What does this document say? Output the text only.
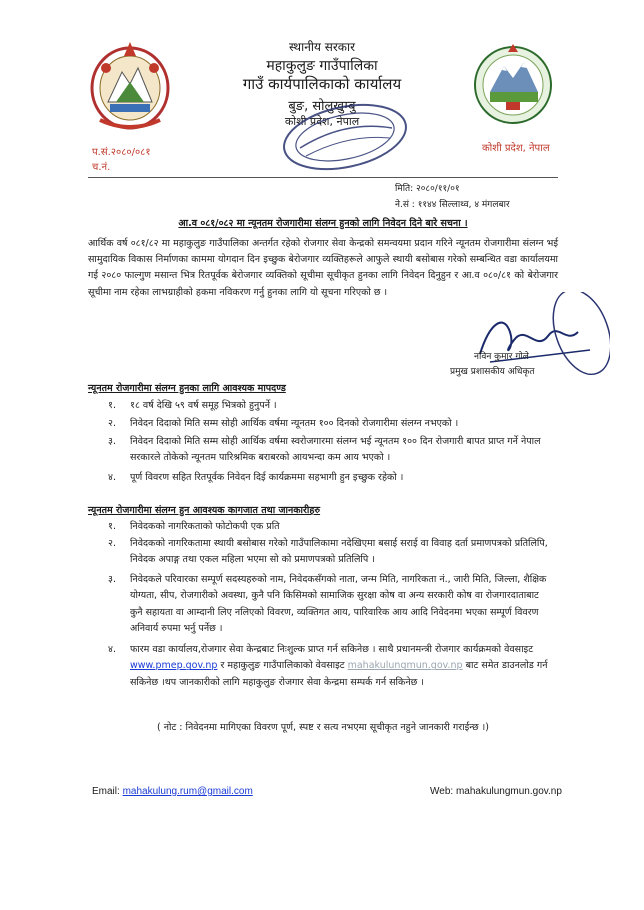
स्थानीय सरकार
महाकुलुङ गाउँपालिका
गाउँ कार्यपालिकाको कार्यालय
बुङ, सोलुखुम्बु
कोशी प्रदेश, नेपाल
प.सं.२०८०/०८१
च.नं.
कोशी प्रदेश, नेपाल
मिति: २०८०/११/०१
ने.सं : ११४४ सिल्लाथ्व, ४ मंगलबार
आ.व ०८१/०८२ मा न्यूनतम रोजगारीमा संलग्न हुनको लागि निवेदन दिने बारे सचना ।
आर्थिक वर्ष ०८१/८२ मा महाकुलुङ गाउँपालिका अन्तर्गत रहेको रोजगार सेवा केन्द्रको समन्वयमा प्रदान गरिने न्यूनतम रोजगारीमा संलग्न भई सामुदायिक विकास निर्माणका काममा योगदान दिन इच्छुक बेरोजगार व्यक्तिहरूले आफुले स्थायी बसोबास गरेको सम्बन्धित वडा कार्यालयमा गई २०८० फाल्गुण मसान्त भित्र रितपूर्वक बेरोजगार व्यक्तिको सूचीमा सूचीकृत हुनका लागि निवेदन दिनुहुन र आ.व ०८०/८१ को बेरोजगार सूचीमा नाम रहेका लाभग्राहीको हकमा नविकरण गर्नु हुनका लागि यो सूचना गरिएको छ ।
नविन कुमार गोले
प्रमुख प्रशासकीय अधिकृत
न्यूनतम रोजगारीमा संलग्न हुनका लागि आवश्यक मापदण्ड
१. १८ वर्ष देखि ५९ वर्ष समूह भित्रको हुनुपर्ने ।
२. निवेदन दिदाको मिति सम्म सोही आर्थिक वर्षमा न्यूनतम १०० दिनको रोजगारीमा संलग्न नभएको ।
३. निवेदन दिदाको मिति सम्म सोही आर्थिक वर्षमा स्वरोजगारमा संलग्न भई न्यूनतम १०० दिन रोजगारी बापत प्राप्त गर्ने नेपाल सरकारले तोकेको न्यूनतम पारिश्रमिक बराबरको आयभन्दा कम आय भएको ।
४. पूर्ण विवरण सहित रितपूर्वक निवेदन दिई कार्यक्रममा सहभागी हुन इच्छुक रहेको ।
न्यूनतम रोजगारीमा संलग्न हुन आवश्यक कागजात तथा जानकारीहरु
१. निवेदकको नागरिकताको फोटोकपी एक प्रति
२. निवेदकको नागरिकतामा स्थायी बसोबास गरेको गाउँपालिकामा नदेखिएमा बसाई सराई वा विवाह दर्ता प्रमाणपत्रको प्रतिलिपि, निवेदक अपाङ्ग तथा एकल महिला भएमा सो को प्रमाणपत्रको प्रतिलिपि ।
३. निवेदकले परिवारका सम्पूर्ण सदस्यहरुको नाम, निवेदकसँगको नाता, जन्म मिति, नागरिकता नं., जारी मिति, जिल्ला, शैक्षिक योग्यता, सीप, रोजगारीको अवस्था, कुनै पनि किसिमको सामाजिक सुरक्षा कोष वा अन्य सरकारी कोष वा रोजगारदाताबाट कुनै सहायता वा आम्दानी लिए नलिएको विवरण, व्यक्तिगत आय, पारिवारिक आय आदि निवेदनमा भएका सम्पूर्ण विवरण अनिवार्य रुपमा भर्नु पर्नेछ ।
४. फारम वडा कार्यालय,रोजगार सेवा केन्द्रबाट निःशुल्क प्राप्त गर्न सकिनेछ । साथै प्रधानमन्त्री रोजगार कार्यक्रमको वेवसाइट www.pmep.gov.np र महाकुलुङ गाउँपालिकाको वेवसाइट mahakulungmun.gov.np बाट समेत डाउनलोड गर्न सकिनेछ ।थप जानकारीको लागि महाकुलुङ रोजगार सेवा केन्द्रमा सम्पर्क गर्न सकिनेछ ।
( नोट : निवेदनमा मागिएका विवरण पूर्ण, स्पष्ट र सत्य नभएमा सूचीकृत नहुने जानकारी गराईन्छ ।)
Email: mahakulung.rum@gmail.com	Web: mahakulungmun.gov.np
